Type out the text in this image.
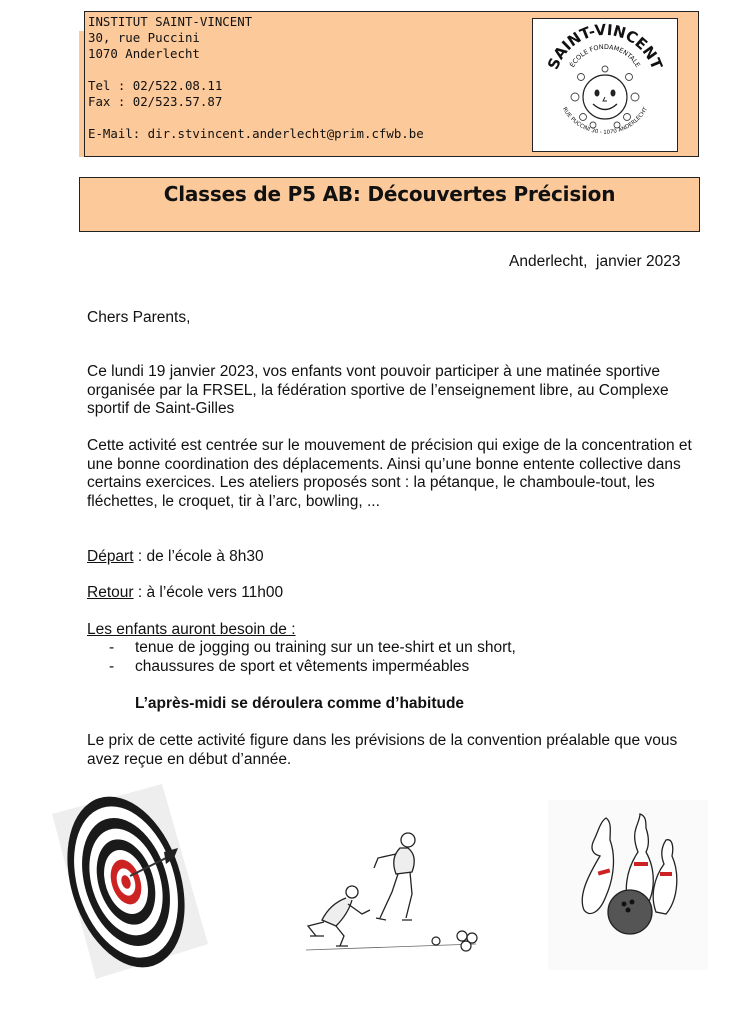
INSTITUT SAINT-VINCENT
30, rue Puccini
1070 Anderlecht
Tel : 02/522.08.11
Fax : 02/523.57.87
E-Mail: dir.stvincent.anderlecht@prim.cfwb.be
SAINT-VINCENT
ÉCOLE FONDAMENTALE
RUE PUCCINI 30 - 1070 ANDERLECHT
Classes de P5 AB: Découvertes Précision
Anderlecht,  janvier 2023
Chers Parents,
Ce lundi 19 janvier 2023, vos enfants vont pouvoir participer à une matinée sportive organisée par la FRSEL, la fédération sportive de l’enseignement libre, au Complexe sportif de Saint-Gilles
Cette activité est centrée sur le mouvement de précision qui exige de la concentration et une bonne coordination des déplacements. Ainsi qu’une bonne entente collective dans certains exercices. Les ateliers proposés sont : la pétanque, le chamboule-tout, les fléchettes, le croquet, tir à l’arc, bowling, ...
Départ : de l’école à 8h30
Retour : à l’école vers 11h00
Les enfants auront besoin de :
-	tenue de jogging ou training sur un tee-shirt et un short,
-	chaussures de sport et vêtements imperméables
L’après-midi se déroulera comme d’habitude
Le prix de cette activité figure dans les prévisions de la convention préalable que vous avez reçue en début d’année.
